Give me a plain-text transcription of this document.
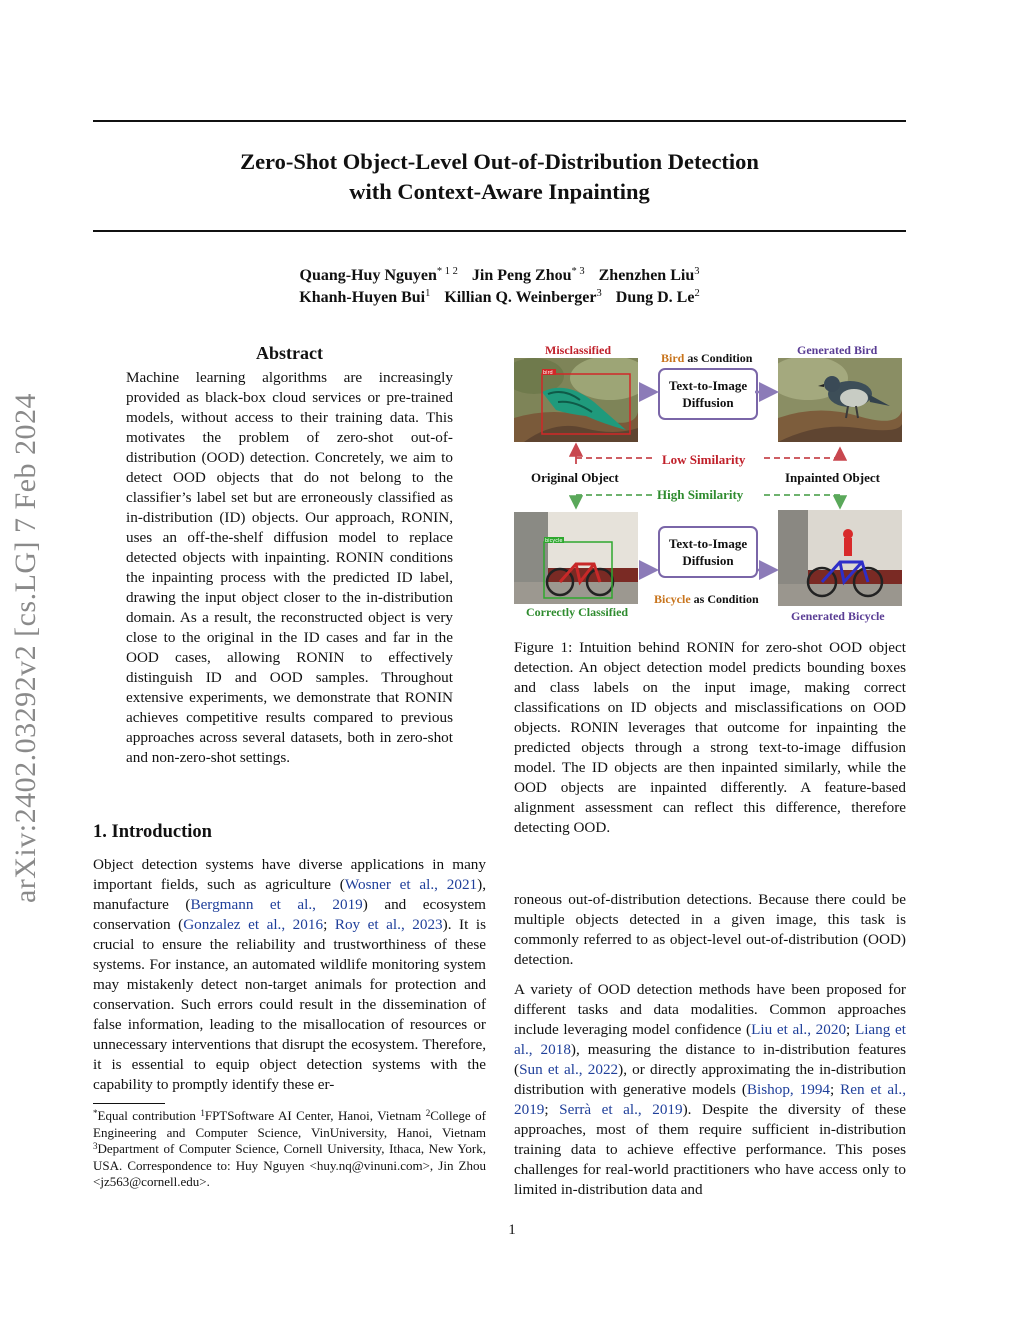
arXiv:2402.03292v2 [cs.LG] 7 Feb 2024
Zero-Shot Object-Level Out-of-Distribution Detection
with Context-Aware Inpainting
Quang-Huy Nguyen$^{* 1 2}$ Jin Peng Zhou$^{* 3}$ Zhenzhen Liu$^3$
Khanh-Huyen Bui$^1$ Killian Q. Weinberger$^3$ Dung D. Le$^2$
Abstract

Machine learning algorithms are increasingly provided as black-box cloud services or pre-trained models, without access to their training data. This motivates the problem of zero-shot out-of-distribution (OOD) detection. Concretely, we aim to detect OOD objects that do not belong to the classifier’s label set but are erroneously classified as in-distribution (ID) objects. Our approach, RONIN, uses an off-the-shelf diffusion model to replace detected objects with inpainting. RONIN conditions the inpainting process with the predicted ID label, drawing the input object closer to the in-distribution domain. As a result, the reconstructed object is very close to the original in the ID cases and far in the OOD cases, allowing RONIN to effectively distinguish ID and OOD samples. Throughout extensive experiments, we demonstrate that RONIN achieves competitive results compared to previous approaches across several datasets, both in zero-shot and non-zero-shot settings.

1. Introduction

Object detection systems have diverse applications in many important fields, such as agriculture (Wosner et al., 2021), manufacture (Bergmann et al., 2019) and ecosystem conservation (Gonzalez et al., 2016; Roy et al., 2023). It is crucial to ensure the reliability and trustworthiness of these systems. For instance, an automated wildlife monitoring system may mistakenly detect non-target animals for protection and conservation. Such errors could result in the dissemination of false information, leading to the misallocation of resources or unnecessary interventions that disrupt the ecosystem. Therefore, it is essential to equip object detection systems with the capability to promptly identify these er-

*Equal contribution $^1$FPTSoftware AI Center, Hanoi, Vietnam $^2$College of Engineering and Computer Science, VinUniversity, Hanoi, Vietnam $^3$Department of Computer Science, Cornell University, Ithaca, New York, USA. Correspondence to: Huy Nguyen <huy.nq@vinuni.com>, Jin Zhou <jz563@cornell.edu>.
Misclassified
Bird as Condition
Generated Bird
bird
Text-to-Image
Diffusion
Low Similarity
Original Object	Inpainted Object
High Similarity
bicycle	Text-to-Image
Diffusion
Correctly Classified
Bicycle as Condition
Generated Bicycle

Figure 1: Intuition behind RONIN for zero-shot OOD object detection. An object detection model predicts bounding boxes and class labels on the input image, making correct classifications on ID objects and misclassifications on OOD objects. RONIN leverages that outcome for inpainting the predicted objects through a strong text-to-image diffusion model. The ID objects are then inpainted similarly, while the OOD objects are inpainted differently. A feature-based alignment assessment can reflect this difference, therefore detecting OOD.

roneous out-of-distribution detections. Because there could be multiple objects detected in a given image, this task is commonly referred to as object-level out-of-distribution (OOD) detection.

A variety of OOD detection methods have been proposed for different tasks and data modalities. Common approaches include leveraging model confidence (Liu et al., 2020; Liang et al., 2018), measuring the distance to in-distribution features (Sun et al., 2022), or directly approximating the in-distribution distribution with generative models (Bishop, 1994; Ren et al., 2019; Serrà et al., 2019). Despite the diversity of these approaches, most of them require sufficient in-distribution training data to achieve effective performance. This poses challenges for real-world practitioners who have access only to limited in-distribution data and

1
